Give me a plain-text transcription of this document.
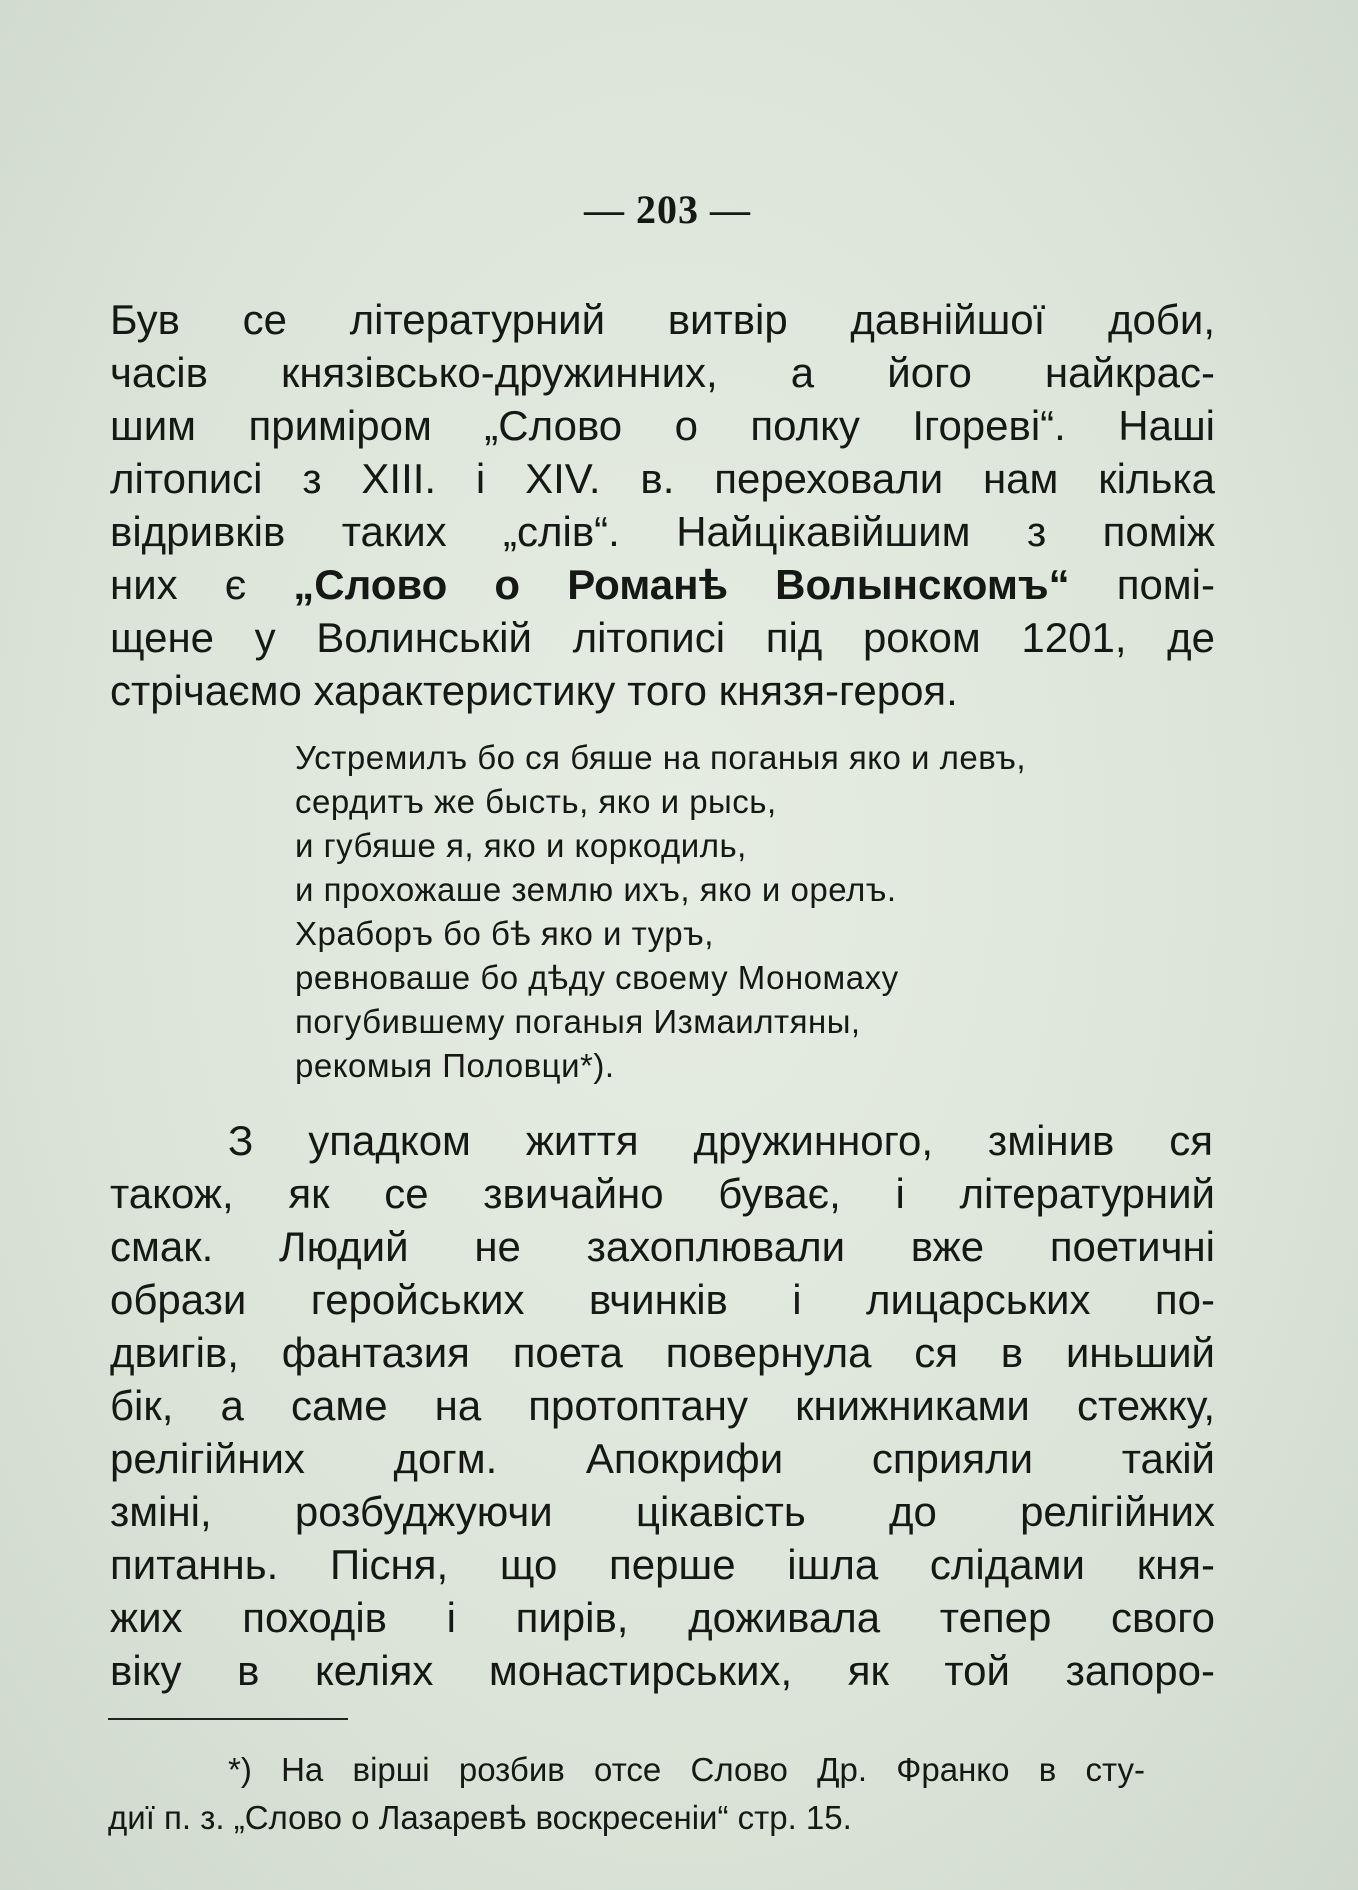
— 203 —
Був се літературний витвір давнійшої доби,
часів князівсько-дружинних, а його найкрас-
шим приміром „Слово о полку Ігореві“. Наші
літописі з XIII. і XIV. в. переховали нам кілька
відривків таких „слів“. Найцікавійшим з поміж
них є „Слово о Романѣ Волынскомъ“ помі-
щене у Волинській літописі під роком 1201, де
стрічаємо характеристику того князя-героя.
Устремилъ бо ся бяше на поганыя яко и левъ,
сердитъ же бысть, яко и рысь,
и губяше я, яко и коркодиль,
и прохожаше землю ихъ, яко и орелъ.
Храборъ бо бѣ яко и туръ,
ревноваше бо дѣду своему Мономаху
погубившему поганыя Измаилтяны,
рекомыя Половци*).
З упадком життя дружинного, змінив ся
також, як се звичайно буває, і літературний
смак. Людий не захоплювали вже поетичні
образи геройських вчинків і лицарських по-
двигів, фантазия поета повернула ся в иньший
бік, а саме на протоптану книжниками стежку,
релігійних догм. Апокрифи сприяли такій
зміні, розбуджуючи цікавість до релігійних
питаннь. Пісня, що перше ішла слідами кня-
жих походів і пирів, доживала тепер свого
віку в келіях монастирських, як той запоро-
*) На вірші розбив отсе Слово Др. Франко в сту-
диї п. з. „Слово о Лазаревѣ воскресеніи“ стр. 15.
